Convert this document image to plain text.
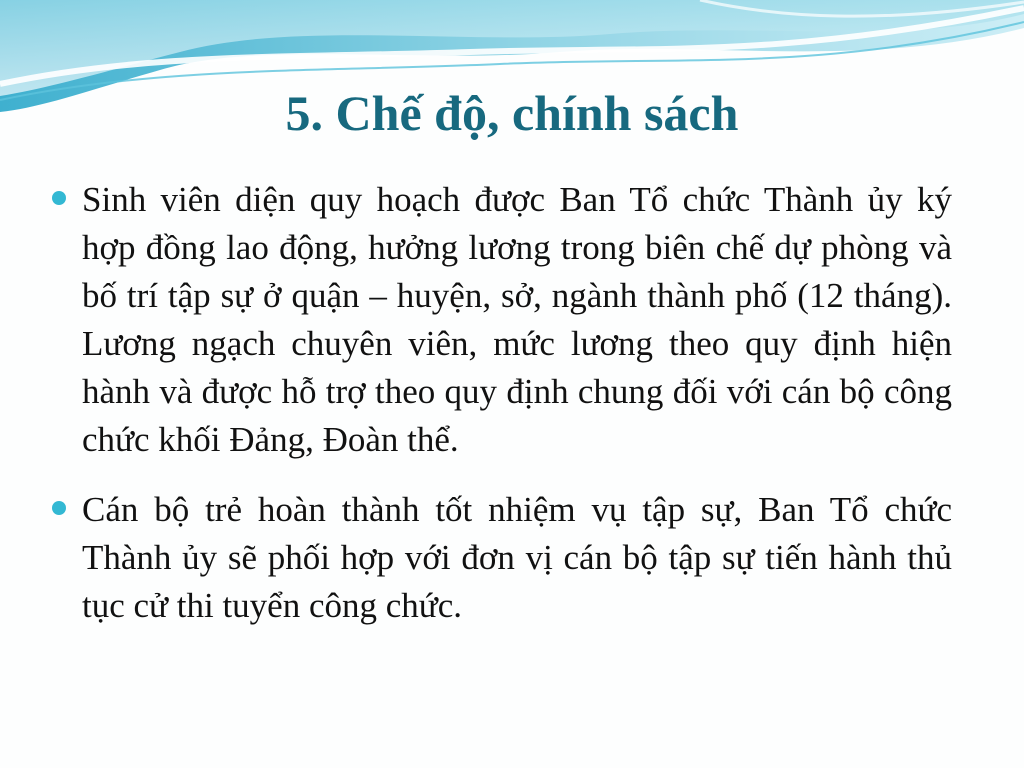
5. Chế độ, chính sách
Sinh viên diện quy hoạch được Ban Tổ chức Thành ủy ký hợp đồng lao động, hưởng lương trong biên chế dự phòng và bố trí tập sự ở quận – huyện, sở, ngành thành phố (12 tháng). Lương ngạch chuyên viên, mức lương theo quy định hiện hành và được hỗ trợ theo quy định chung đối với cán bộ công chức khối Đảng, Đoàn thể.
Cán bộ trẻ hoàn thành tốt nhiệm vụ tập sự, Ban Tổ chức Thành ủy sẽ phối hợp với đơn vị cán bộ tập sự tiến hành thủ tục cử thi tuyển công chức.
